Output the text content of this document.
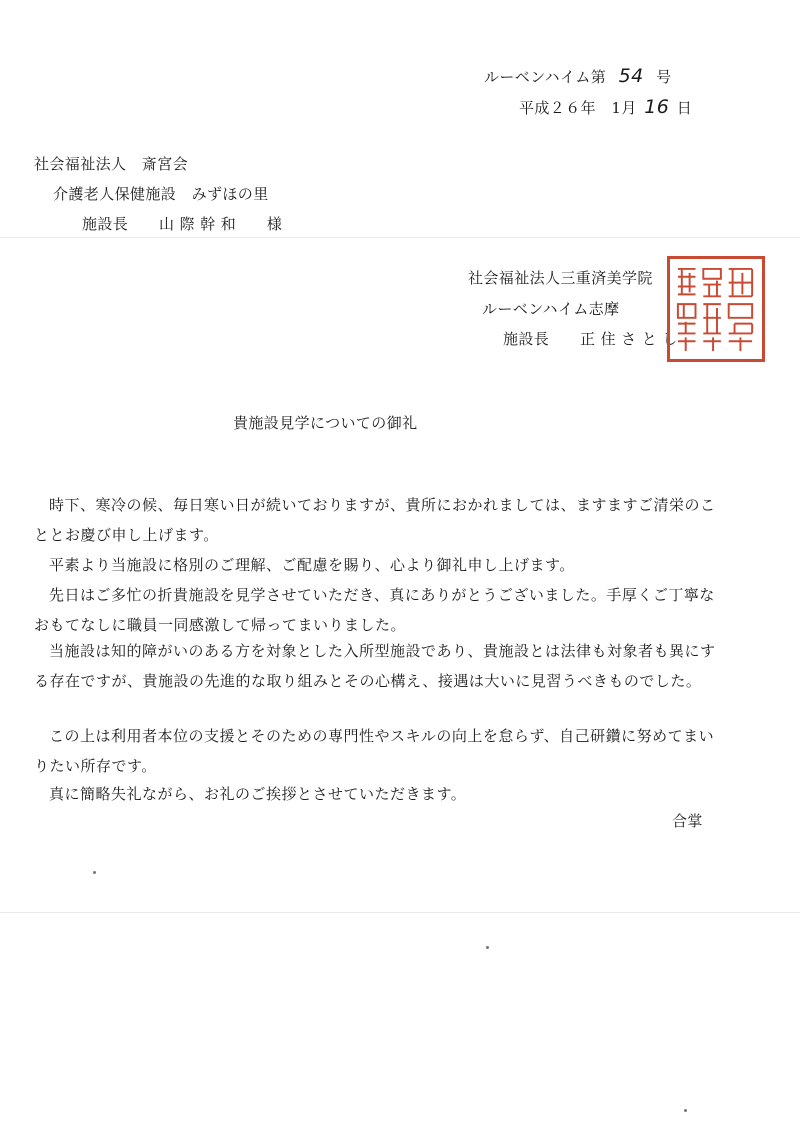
ルーベンハイム第 54 号
平成２６年　1月 16 日
社会福祉法人　斎宮会
介護老人保健施設　みずほの里
施設長　　山 際 幹 和　　様
社会福祉法人三重済美学院
ルーベンハイム志摩
施設長　　正 住 さ と し
貴施設見学についての御礼

時下、寒冷の候、毎日寒い日が続いておりますが、貴所におかれましては、ますますご清栄のこととお慶び申し上げます。

平素より当施設に格別のご理解、ご配慮を賜り、心より御礼申し上げます。

先日はご多忙の折貴施設を見学させていただき、真にありがとうございました。手厚くご丁寧なおもてなしに職員一同感激して帰ってまいりました。

当施設は知的障がいのある方を対象とした入所型施設であり、貴施設とは法律も対象者も異にする存在ですが、貴施設の先進的な取り組みとその心構え、接遇は大いに見習うべきものでした。

この上は利用者本位の支援とそのための専門性やスキルの向上を怠らず、自己研鑽に努めてまいりたい所存です。

真に簡略失礼ながら、お礼のご挨拶とさせていただきます。

合掌
